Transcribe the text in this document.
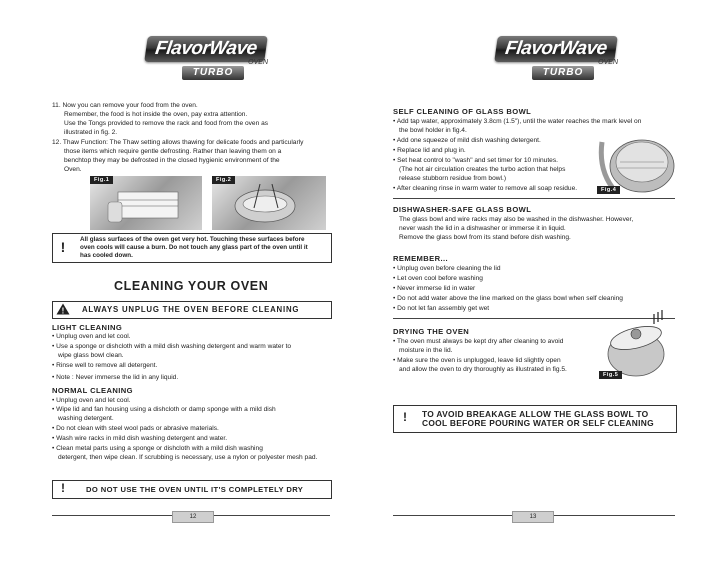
FlavorWave
OVEN
TURBO
FlavorWave
OVEN
TURBO
11. Now you can remove your food from the oven.
Remember, the food is hot inside the oven, pay extra attention.
Use the Tongs provided to remove the rack and food from the oven as
illustrated in fig. 2.
12. Thaw Function: The Thaw setting allows thawing for delicate foods and particularly
those items which require gentle defrosting. Rather than leaving them on a
benchtop they may be defrosted in the closed hygienic environment of the
Oven.
Fig.1	Fig.2
!	All glass surfaces of the oven get very hot. Touching these surfaces before
oven cools will cause a burn. Do not touch any glass part of the oven until it
has cooled down.
CLEANING YOUR OVEN
! ALWAYS UNPLUG THE OVEN BEFORE CLEANING
LIGHT CLEANING
• Unplug oven and let cool.
• Use a sponge or dishcloth with a mild dish washing detergent and warm water to
wipe glass bowl clean.
• Rinse well to remove all detergent.
• Note : Never immerse the lid in any liquid.
NORMAL CLEANING
• Unplug oven and let cool.
• Wipe lid and fan housing using a dishcloth or damp sponge with a mild dish
washing detergent.
• Do not clean with steel wool pads or abrasive materials.
• Wash wire racks in mild dish washing detergent and water.
• Clean metal parts using a sponge or dishcloth with a mild dish washing
detergent, then wipe clean. If scrubbing is necessary, use a nylon or polyester mesh pad.
!	DO NOT USE THE OVEN UNTIL IT'S COMPLETELY DRY
12
SELF CLEANING OF GLASS BOWL
• Add tap water, approximately 3.8cm (1.5"), until the water reaches the mark level on
the bowl holder in fig.4.
• Add one squeeze of mild dish washing detergent.
• Replace lid and plug in.
• Set heat control to "wash" and set timer for 10 minutes.
(The hot air circulation creates the turbo action that helps
release stubborn residue from bowl.)
• After cleaning rinse in warm water to remove all soap residue.	Fig.4
DISHWASHER-SAFE GLASS BOWL
The glass bowl and wire racks may also be washed in the dishwasher. However,
never wash the lid in a dishwasher or immerse it in liquid.
Remove the glass bowl from its stand before dish washing.
REMEMBER...
• Unplug oven before cleaning the lid
• Let oven cool before washing
• Never immerse lid in water
• Do not add water above the line marked on the glass bowl when self cleaning
• Do not let fan assembly get wet
DRYING THE OVEN
• The oven must always be kept dry after cleaning to avoid
moisture in the lid.
• Make sure the oven is unplugged, leave lid slightly open
and allow the oven to dry thoroughly as illustrated in fig.5.
Fig.5
!	TO AVOID BREAKAGE ALLOW THE GLASS BOWL TO
COOL BEFORE POURING WATER OR SELF CLEANING
13
